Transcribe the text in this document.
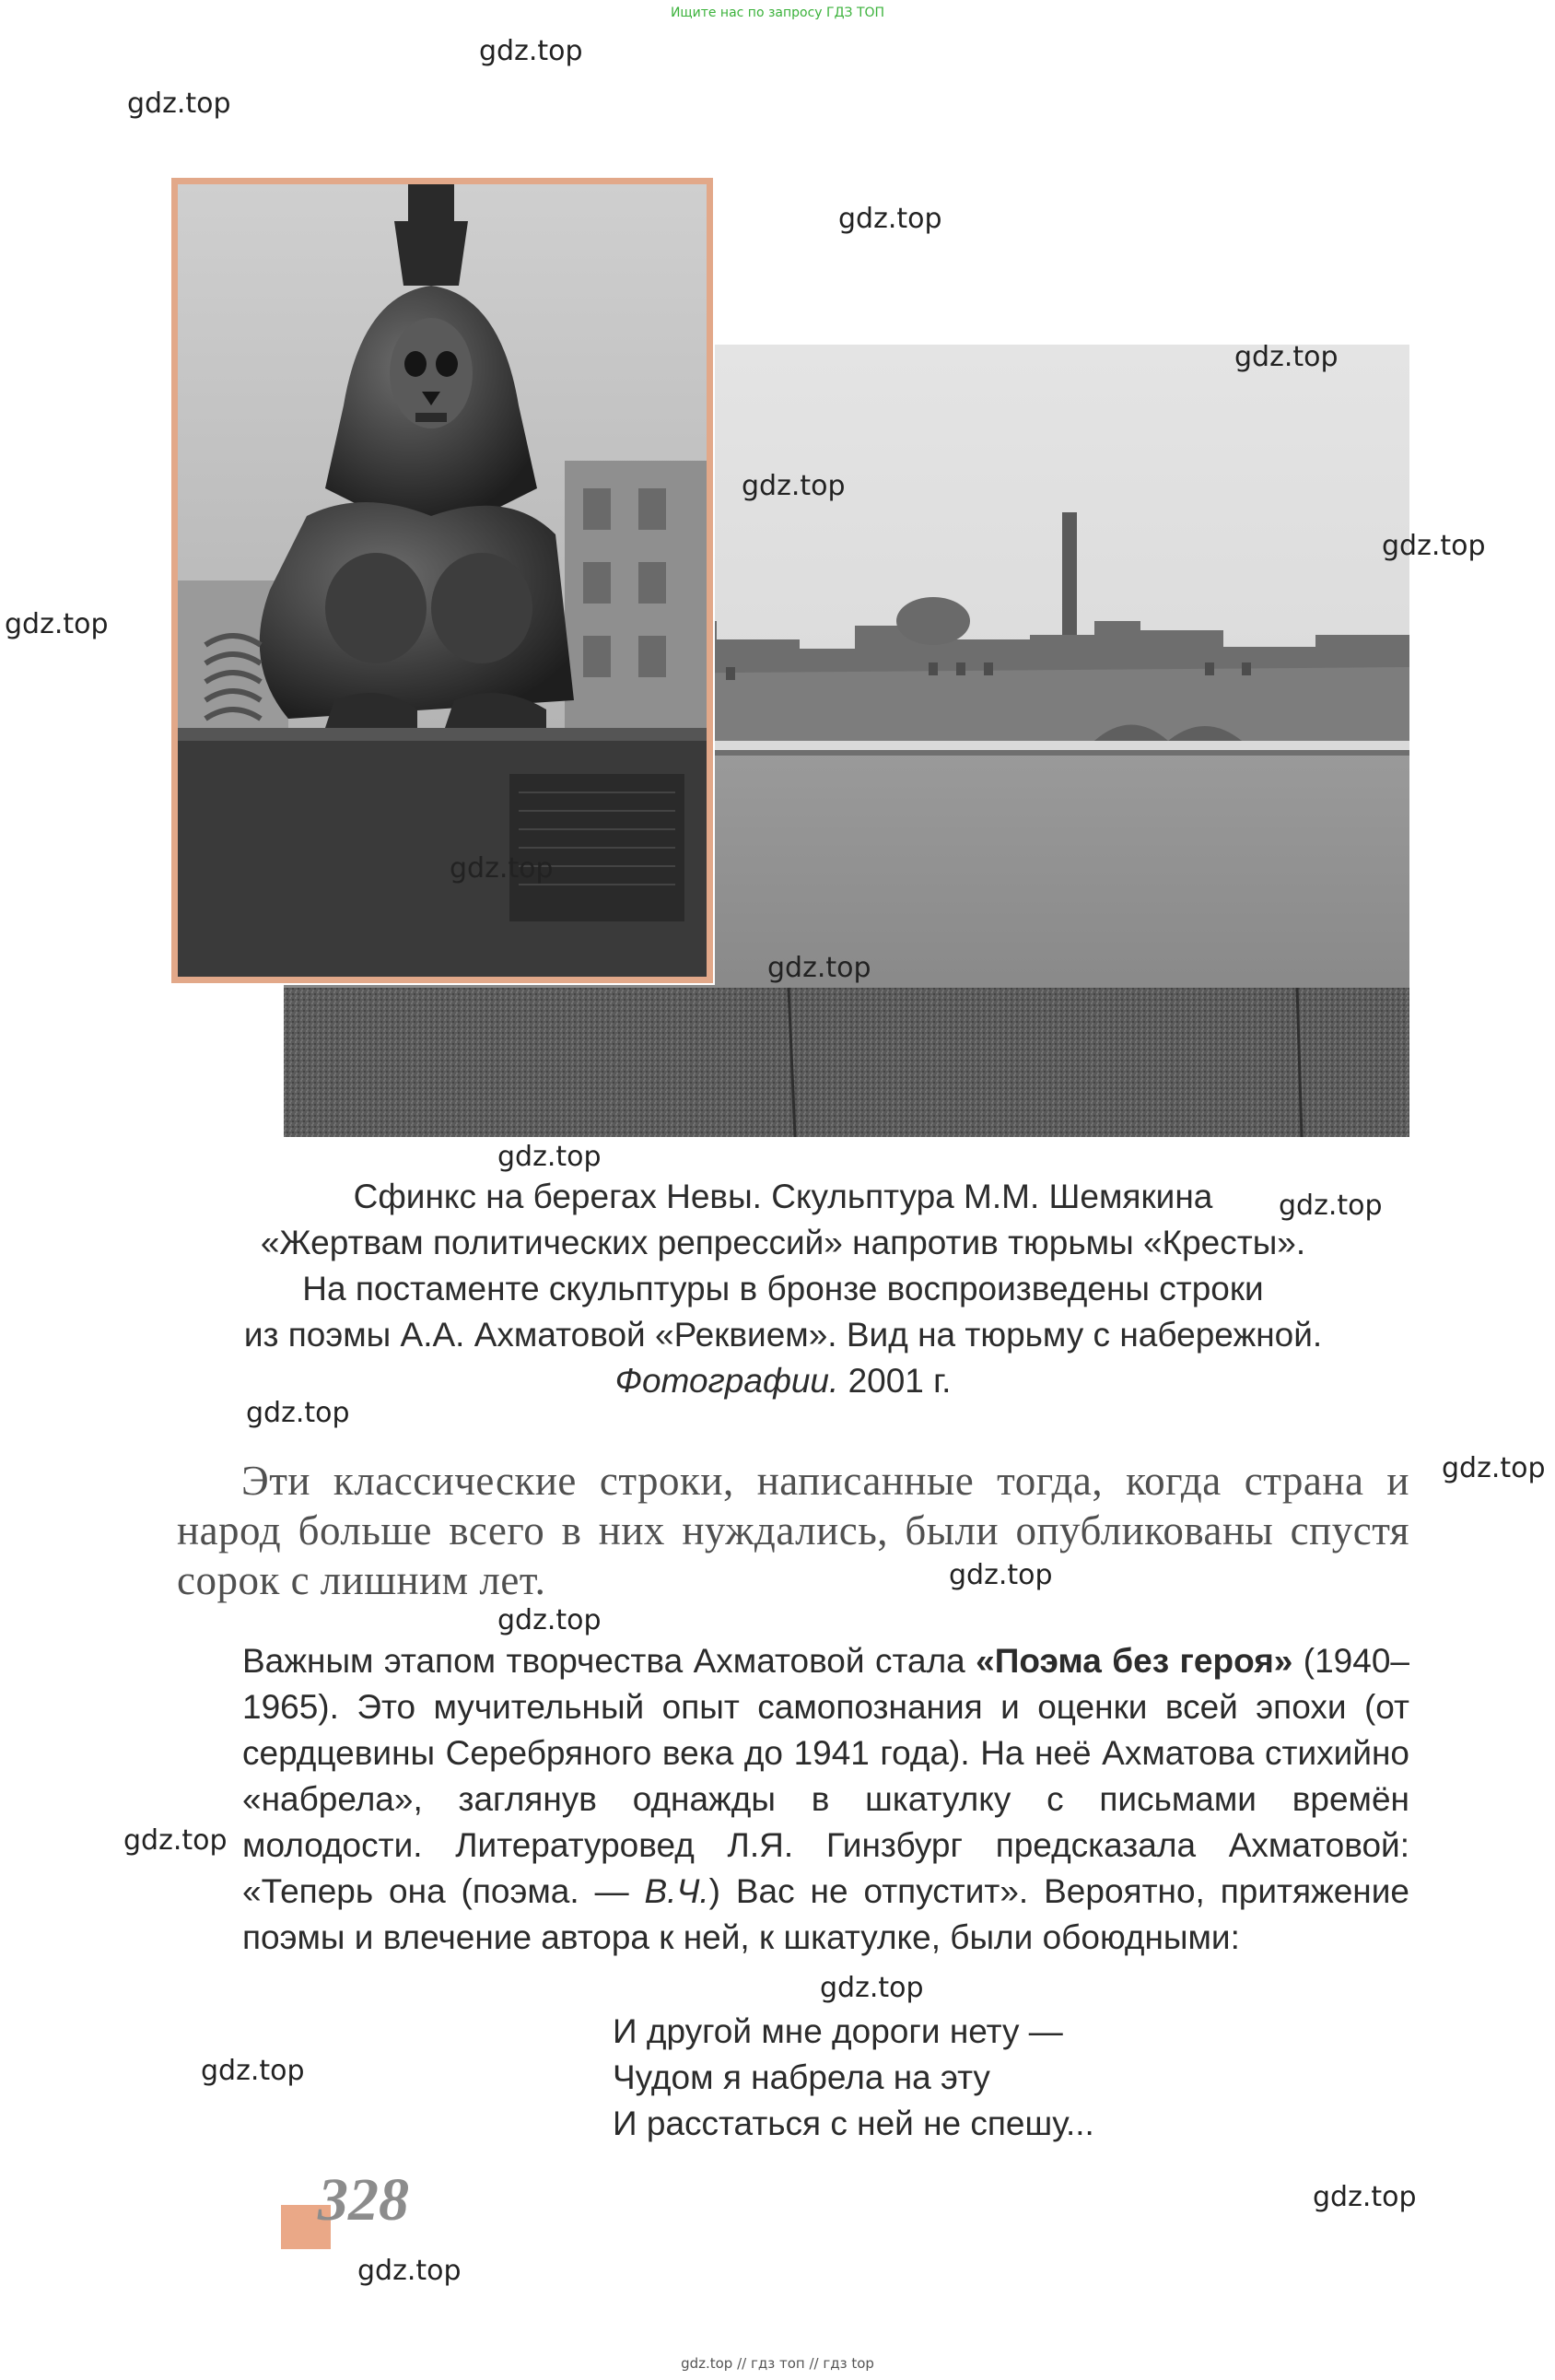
Ищите нас по запросу ГДЗ ТОП
Сфинкс на берегах Невы. Скульптура М.М. Шемякина
«Жертвам политических репрессий» напротив тюрьмы «Кресты».
На постаменте скульптуры в бронзе воспроизведены строки
из поэмы А.А. Ахматовой «Реквием». Вид на тюрьму с набережной.
Фотографии. 2001 г.
Эти классические строки, написанные тогда, когда страна и народ больше всего в них нуждались, были опубликованы спустя сорок с лишним лет.
Важным этапом творчества Ахматовой стала «Поэма без героя» (1940–1965). Это мучительный опыт самопознания и оценки всей эпохи (от сердцевины Серебряного века до 1941 года). На неё Ахматова стихийно «набрела», заглянув однажды в шкатулку с письмами времён молодости. Литературовед Л.Я. Гинзбург предсказала Ахматовой: «Теперь она (поэма. — В.Ч.) Вас не отпустит». Вероятно, притяжение поэмы и влечение автора к ней, к шкатулке, были обоюдными:
И другой мне дороги нету —
Чудом я набрела на эту
И расстаться с ней не спешу...
328
gdz.top
gdz.top
gdz.top
gdz.top
gdz.top
gdz.top
gdz.top
gdz.top
gdz.top
gdz.top
gdz.top
gdz.top
gdz.top
gdz.top
gdz.top
gdz.top
gdz.top
gdz.top
gdz.top
gdz.top
gdz.top // гдз топ // гдз top
